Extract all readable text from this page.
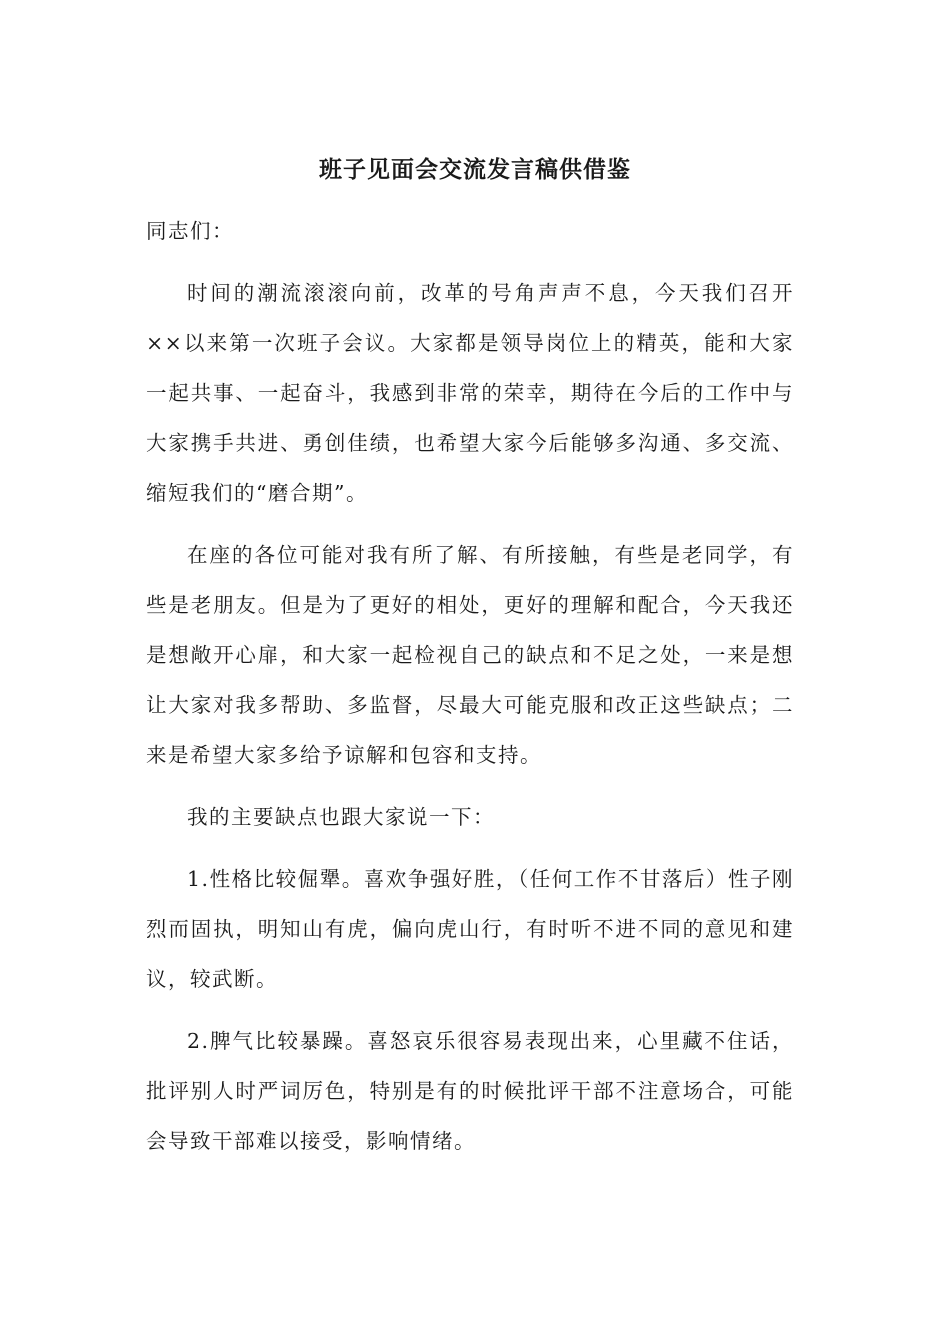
班子见面会交流发言稿供借鉴

同志们：

时间的潮流滚滚向前，改革的号角声声不息，今天我们召开××以来第一次班子会议。大家都是领导岗位上的精英，能和大家一起共事、一起奋斗，我感到非常的荣幸，期待在今后的工作中与大家携手共进、勇创佳绩，也希望大家今后能够多沟通、多交流、缩短我们的“磨合期”。

在座的各位可能对我有所了解、有所接触，有些是老同学，有些是老朋友。但是为了更好的相处，更好的理解和配合，今天我还是想敞开心扉，和大家一起检视自己的缺点和不足之处，一来是想让大家对我多帮助、多监督，尽最大可能克服和改正这些缺点；二来是希望大家多给予谅解和包容和支持。

我的主要缺点也跟大家说一下：

1.性格比较倔犟。喜欢争强好胜，（任何工作不甘落后）性子刚烈而固执，明知山有虎，偏向虎山行，有时听不进不同的意见和建议，较武断。

2.脾气比较暴躁。喜怒哀乐很容易表现出来，心里藏不住话，批评别人时严词厉色，特别是有的时候批评干部不注意场合，可能会导致干部难以接受，影响情绪。
